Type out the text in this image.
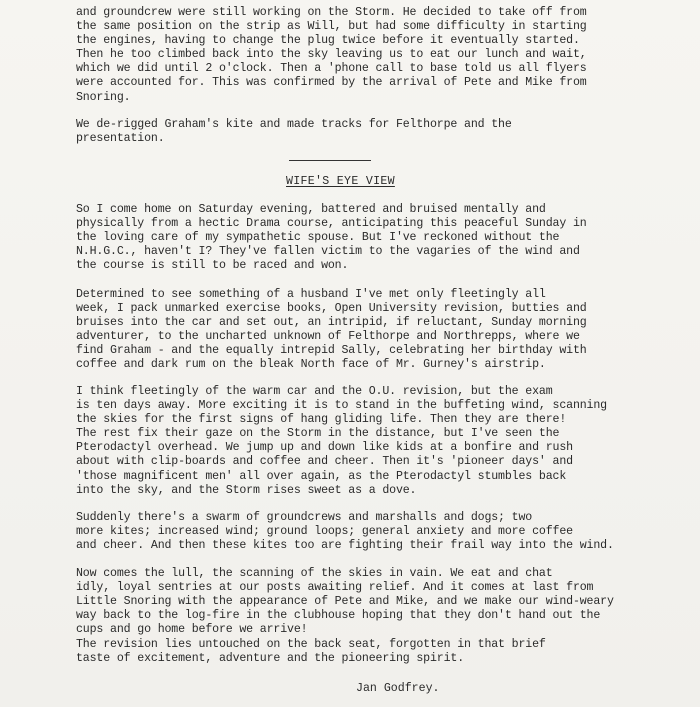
and groundcrew were still working on the Storm. He decided to take off from
the same position on the strip as Will, but had some difficulty in starting
the engines, having to change the plug twice before it eventually started.
Then he too climbed back into the sky leaving us to eat our lunch and wait,
which we did until 2 o'clock. Then a 'phone call to base told us all flyers
were accounted for. This was confirmed by the arrival of Pete and Mike from
Snoring.

We de-rigged Graham's kite and made tracks for Felthorpe and the
presentation.

WIFE'S EYE VIEW

So I come home on Saturday evening, battered and bruised mentally and
physically from a hectic Drama course, anticipating this peaceful Sunday in
the loving care of my sympathetic spouse. But I've reckoned without the
N.H.G.C., haven't I? They've fallen victim to the vagaries of the wind and
the course is still to be raced and won.

Determined to see something of a husband I've met only fleetingly all
week, I pack unmarked exercise books, Open University revision, butties and
bruises into the car and set out, an intripid, if reluctant, Sunday morning
adventurer, to the uncharted unknown of Felthorpe and Northrepps, where we
find Graham - and the equally intrepid Sally, celebrating her birthday with
coffee and dark rum on the bleak North face of Mr. Gurney's airstrip.

I think fleetingly of the warm car and the O.U. revision, but the exam
is ten days away. More exciting it is to stand in the buffeting wind, scanning
the skies for the first signs of hang gliding life. Then they are there!
The rest fix their gaze on the Storm in the distance, but I've seen the
Pterodactyl overhead. We jump up and down like kids at a bonfire and rush
about with clip-boards and coffee and cheer. Then it's 'pioneer days' and
'those magnificent men' all over again, as the Pterodactyl stumbles back
into the sky, and the Storm rises sweet as a dove.

Suddenly there's a swarm of groundcrews and marshalls and dogs; two
more kites; increased wind; ground loops; general anxiety and more coffee
and cheer. And then these kites too are fighting their frail way into the wind.

Now comes the lull, the scanning of the skies in vain. We eat and chat
idly, loyal sentries at our posts awaiting relief. And it comes at last from
Little Snoring with the appearance of Pete and Mike, and we make our wind-weary
way back to the log-fire in the clubhouse hoping that they don't hand out the
cups and go home before we arrive!

The revision lies untouched on the back seat, forgotten in that brief
taste of excitement, adventure and the pioneering spirit.

Jan Godfrey.
